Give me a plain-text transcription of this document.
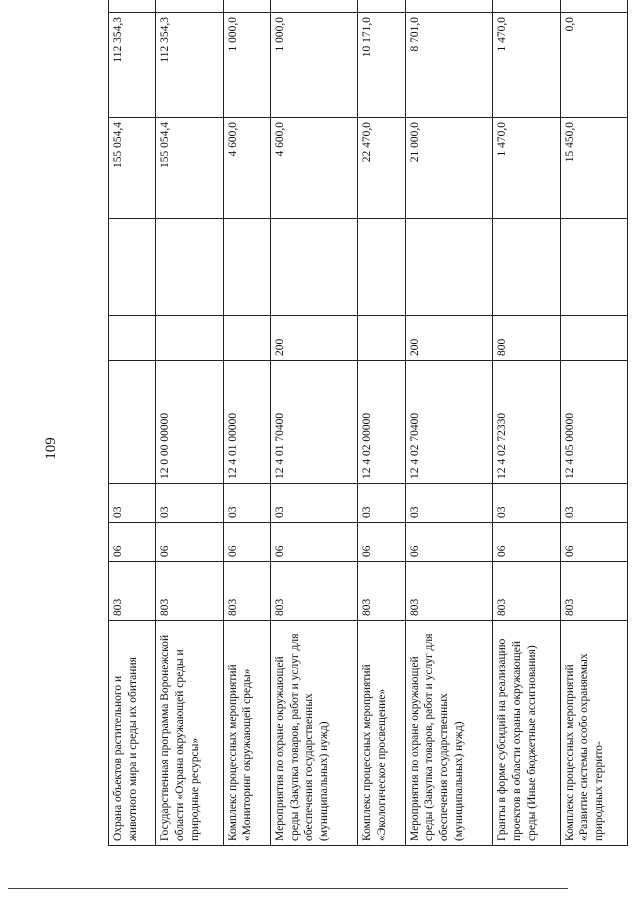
109
Охрана объектов растительного и животного мира и среды их обитания	803	06	03				155 054,4	112 354,3	
Государственная программа Воронежской области «Охрана окружающей среды и природные ресурсы»	803	06	03	12 0 00 00000			155 054,4	112 354,3	
Комплекс процессных мероприятий «Мониторинг окружающей среды»	803	06	03	12 4 01 00000			4 600,0	1 000,0	
Мероприятия по охране окружающей среды (Закупка товаров, работ и услуг для обеспечения государственных (муниципальных) нужд)	803	06	03	12 4 01 70400	200		4 600,0	1 000,0	
Комплекс процессных мероприятий «Экологическое просвещение»	803	06	03	12 4 02 00000			22 470,0	10 171,0	
Мероприятия по охране окружающей среды (Закупка товаров, работ и услуг для обеспечения государственных (муниципальных) нужд)	803	06	03	12 4 02 70400	200		21 000,0	8 701,0	
Гранты в форме субсидий на реализацию проектов в области охраны окружающей среды (Иные бюджетные ассигнования)	803	06	03	12 4 02 72330	800		1 470,0	1 470,0	
Комплекс процессных мероприятий «Развитие системы особо охраняемых природных террито-	803	06	03	12 4 05 00000			15 450,0	0,0	
